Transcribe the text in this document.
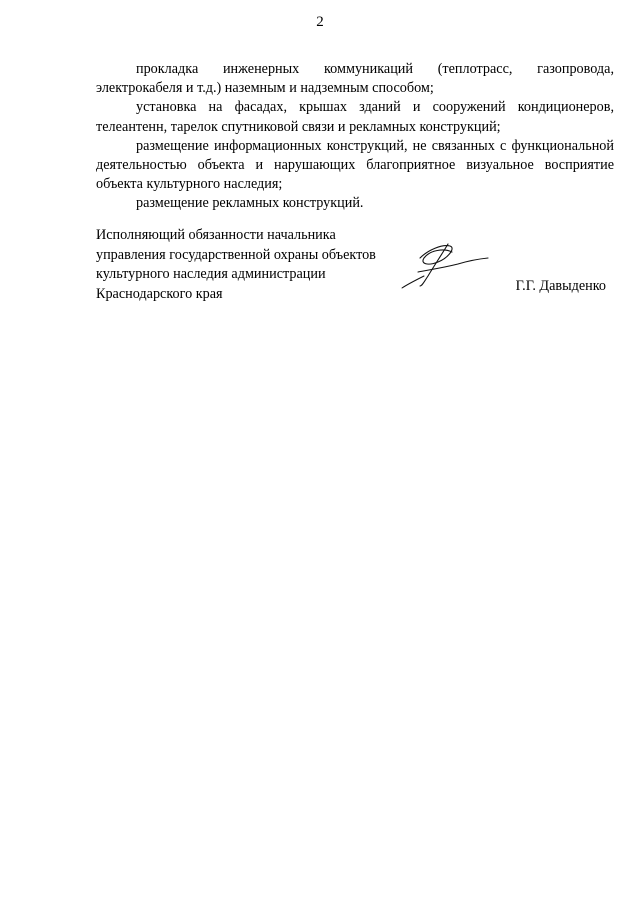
2

прокладка инженерных коммуникаций (теплотрасс, газопровода, электрокабеля и т.д.) наземным и надземным способом;

установка на фасадах, крышах зданий и сооружений кондиционеров, телеантенн, тарелок спутниковой связи и рекламных конструкций;

размещение информационных конструкций, не связанных с функциональной деятельностью объекта и нарушающих благоприятное визуальное восприятие объекта культурного наследия;

размещение рекламных конструкций.

Исполняющий обязанности начальника
управления государственной охраны объектов
культурного наследия администрации
Краснодарского края	Г.Г. Давыденко
